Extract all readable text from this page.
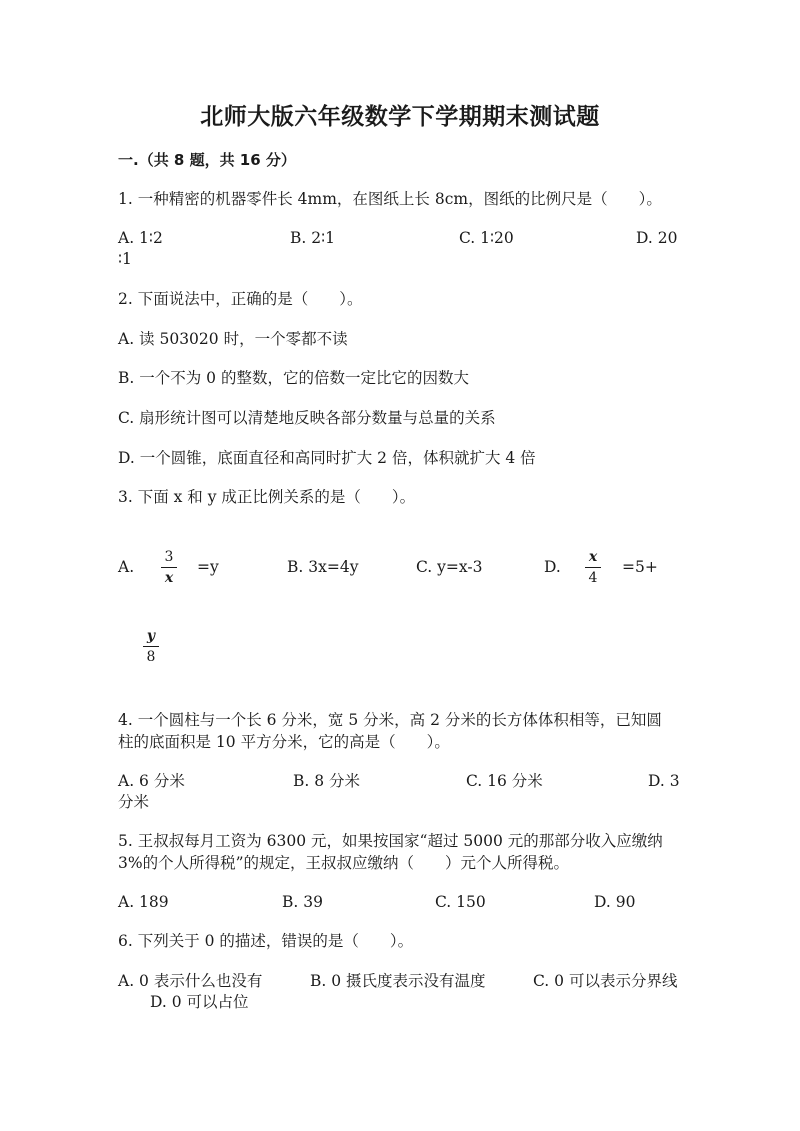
北师大版六年级数学下学期期末测试题
一.（共 8 题，共 16 分）
1. 一种精密的机器零件长 4mm，在图纸上长 8cm，图纸的比例尺是（　　）。
A. 1∶2	B. 2∶1	C. 1∶20	D. 20
∶1
2. 下面说法中，正确的是（　　）。
A. 读 503020 时，一个零都不读
B. 一个不为 0 的整数，它的倍数一定比它的因数大
C. 扇形统计图可以清楚地反映各部分数量与总量的关系
D. 一个圆锥，底面直径和高同时扩大 2 倍，体积就扩大 4 倍
3. 下面 x 和 y 成正比例关系的是（　　）。
A.
3
x
=y	B. 3x=4y	C. y=x-3	D.
x
4
=5+
y
8
4. 一个圆柱与一个长 6 分米，宽 5 分米，高 2 分米的长方体体积相等，已知圆
柱的底面积是 10 平方分米，它的高是（　　）。
A. 6 分米	B. 8 分米	C. 16 分米	D. 3
分米
5. 王叔叔每月工资为 6300 元，如果按国家“超过 5000 元的那部分收入应缴纳
3%的个人所得税”的规定，王叔叔应缴纳（　　）元个人所得税。
A. 189	B. 39	C. 150	D. 90
6. 下列关于 0 的描述，错误的是（　　）。
A. 0 表示什么也没有	B. 0 摄氏度表示没有温度	C. 0 可以表示分界线
D. 0 可以占位
